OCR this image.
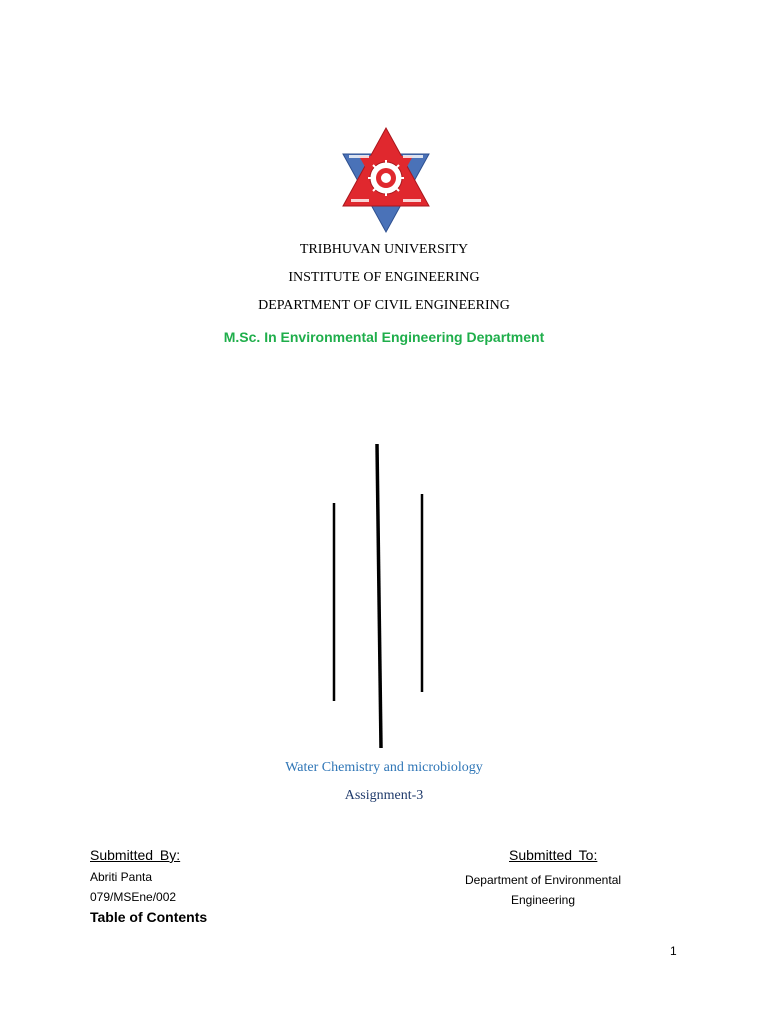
TRIBHUVAN UNIVERSITY
INSTITUTE OF ENGINEERING
DEPARTMENT OF CIVIL ENGINEERING
M.Sc. In Environmental Engineering Department
Water Chemistry and microbiology
Assignment-3
Submitted By:
Abriti Panta
079/MSEne/002
Submitted To:
Department of Environmental
Engineering
Table of Contents
1
